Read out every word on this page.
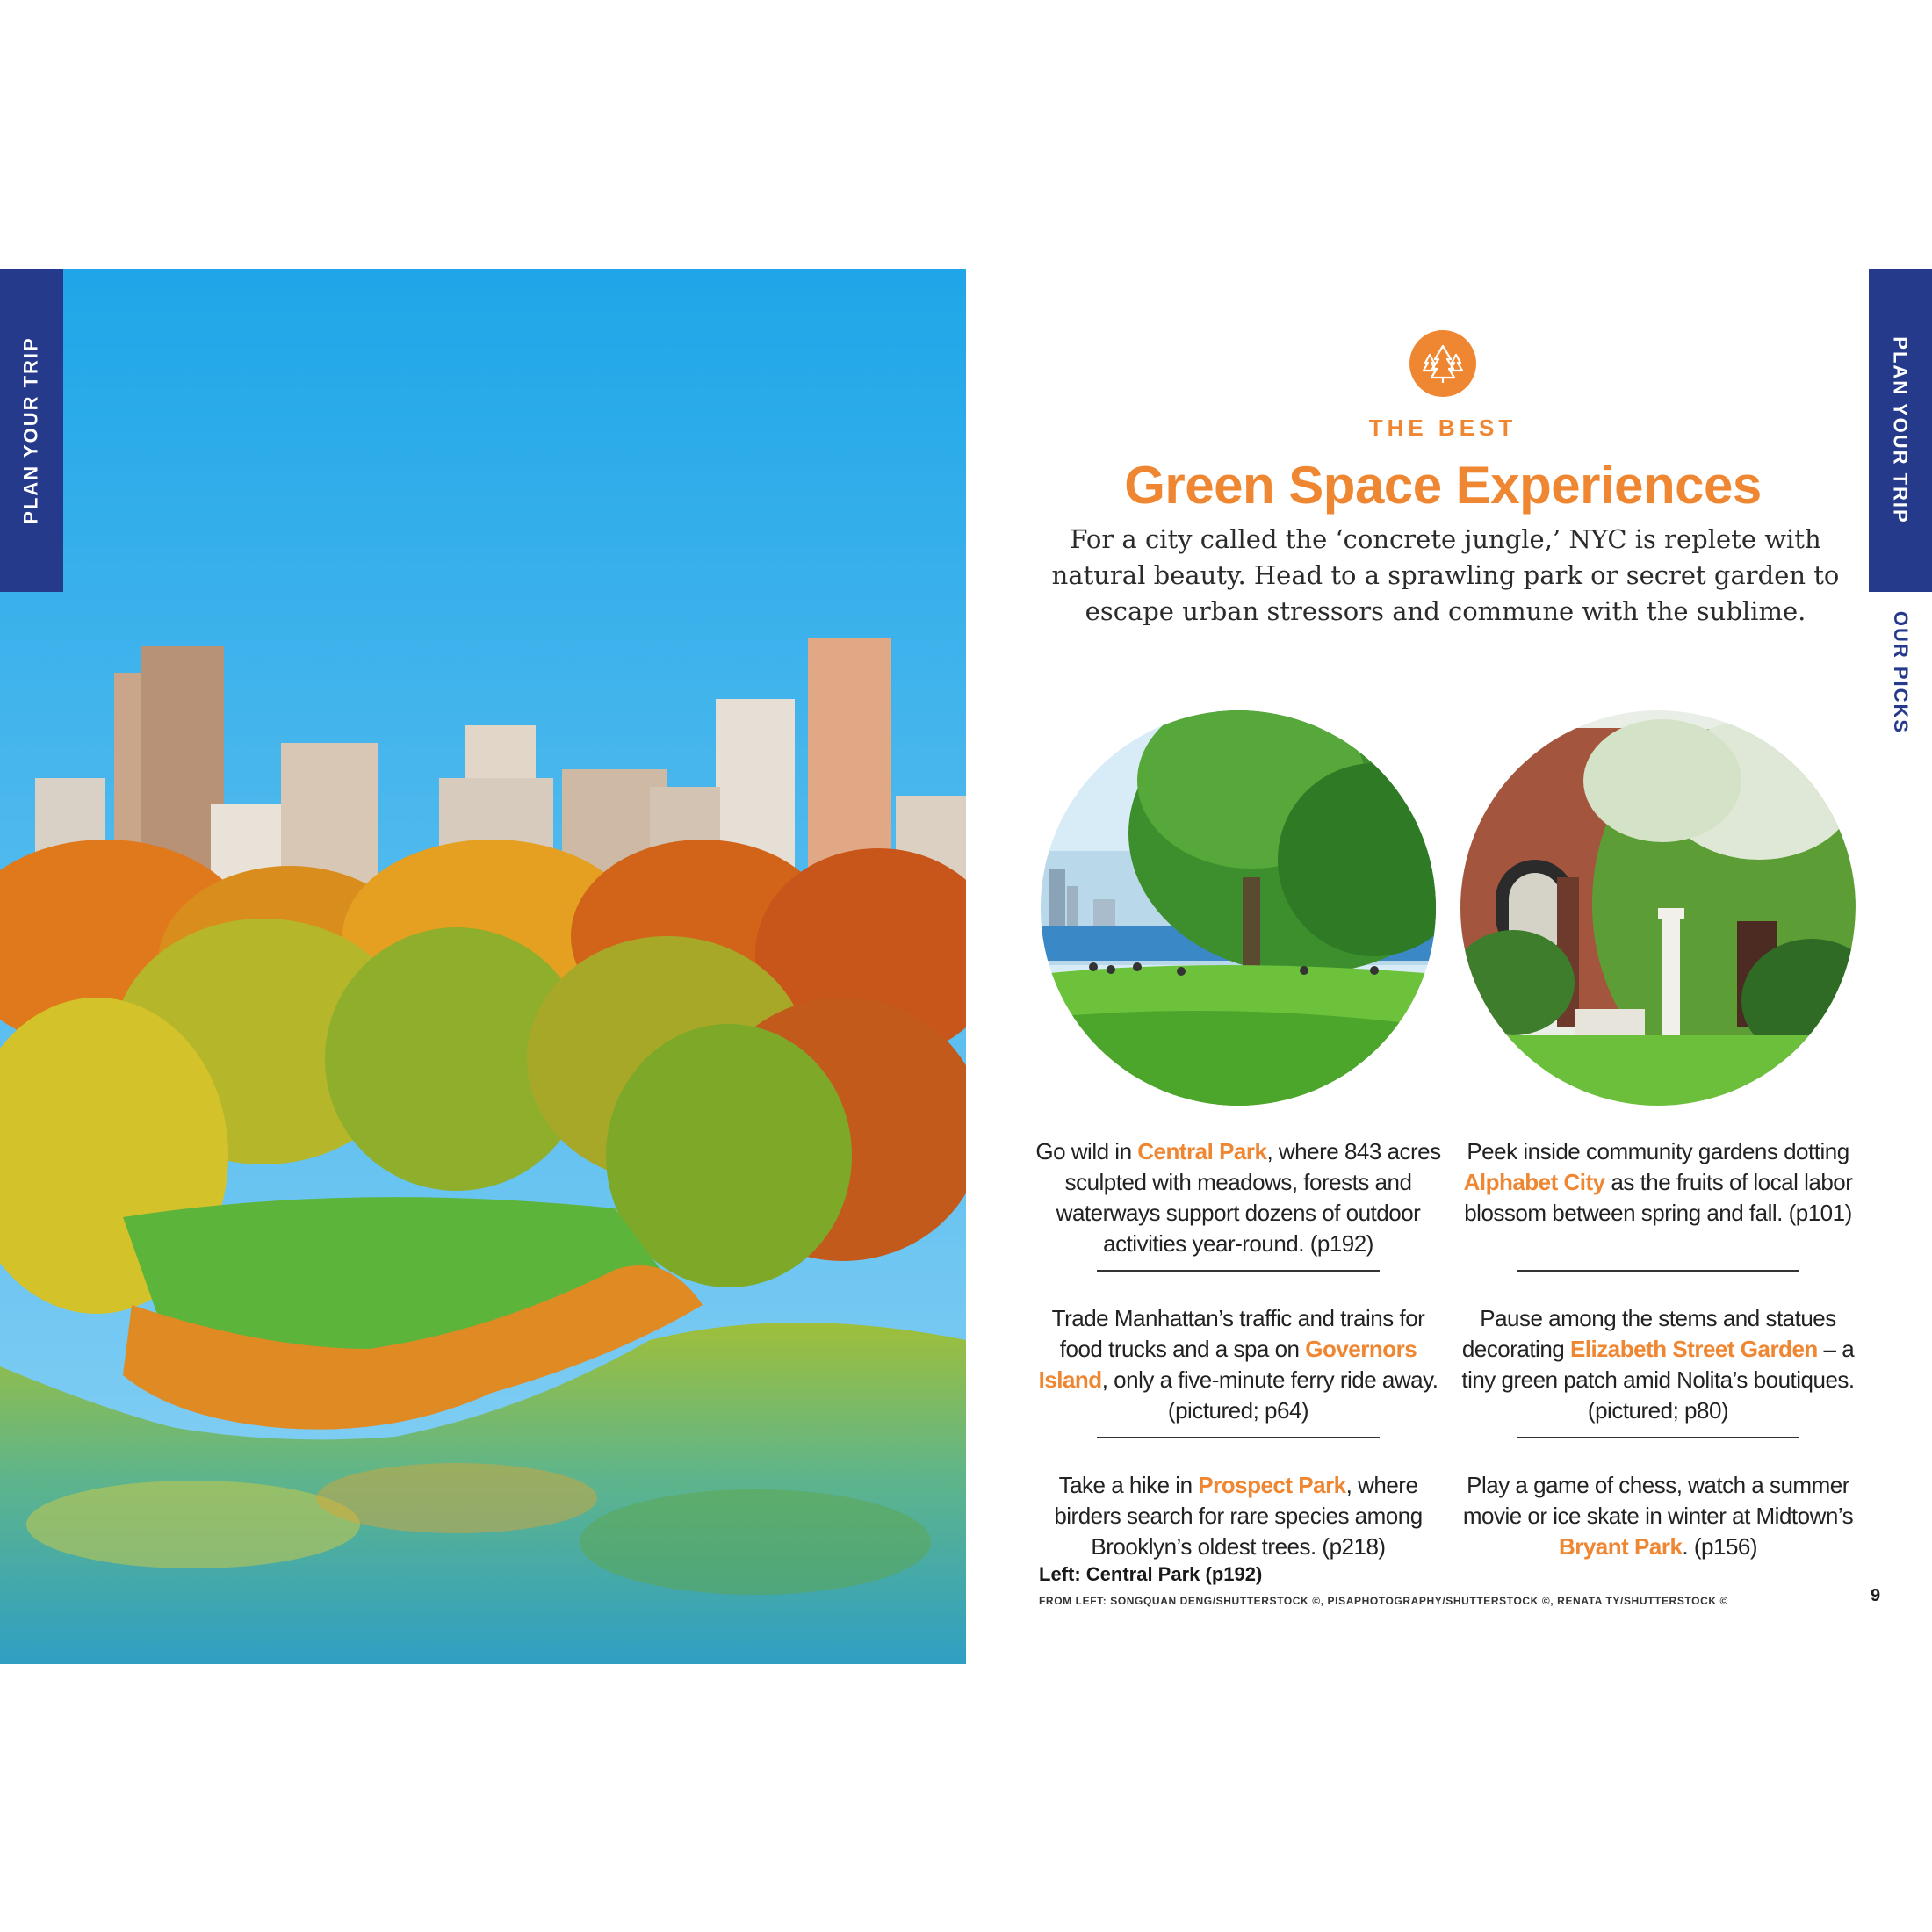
PLAN YOUR TRIP	THE BEST
Green Space Experiences
For a city called the ‘concrete jungle,’ NYC is replete with natural beauty. Head to a sprawling park or secret garden to escape urban stressors and commune with the sublime.
Go wild in Central Park, where 843 acres sculpted with meadows, forests and waterways support dozens of outdoor activities year-round. (p192)
Trade Manhattan’s traffic and trains for food trucks and a spa on Governors Island, only a five-minute ferry ride away. (pictured; p64)
Take a hike in Prospect Park, where birders search for rare species among Brooklyn’s oldest trees. (p218)
Peek inside community gardens dotting Alphabet City as the fruits of local labor blossom between spring and fall. (p101)
Pause among the stems and statues decorating Elizabeth Street Garden – a tiny green patch amid Nolita’s boutiques. (pictured; p80)
Play a game of chess, watch a summer movie or ice skate in winter at Midtown’s Bryant Park. (p156)
Left: Central Park (p192)
FROM LEFT: SONGQUAN DENG/SHUTTERSTOCK ©, PISAPHOTOGRAPHY/SHUTTERSTOCK ©, RENATA TY/SHUTTERSTOCK ©	9
PLAN YOUR TRIP
OUR PICKS
